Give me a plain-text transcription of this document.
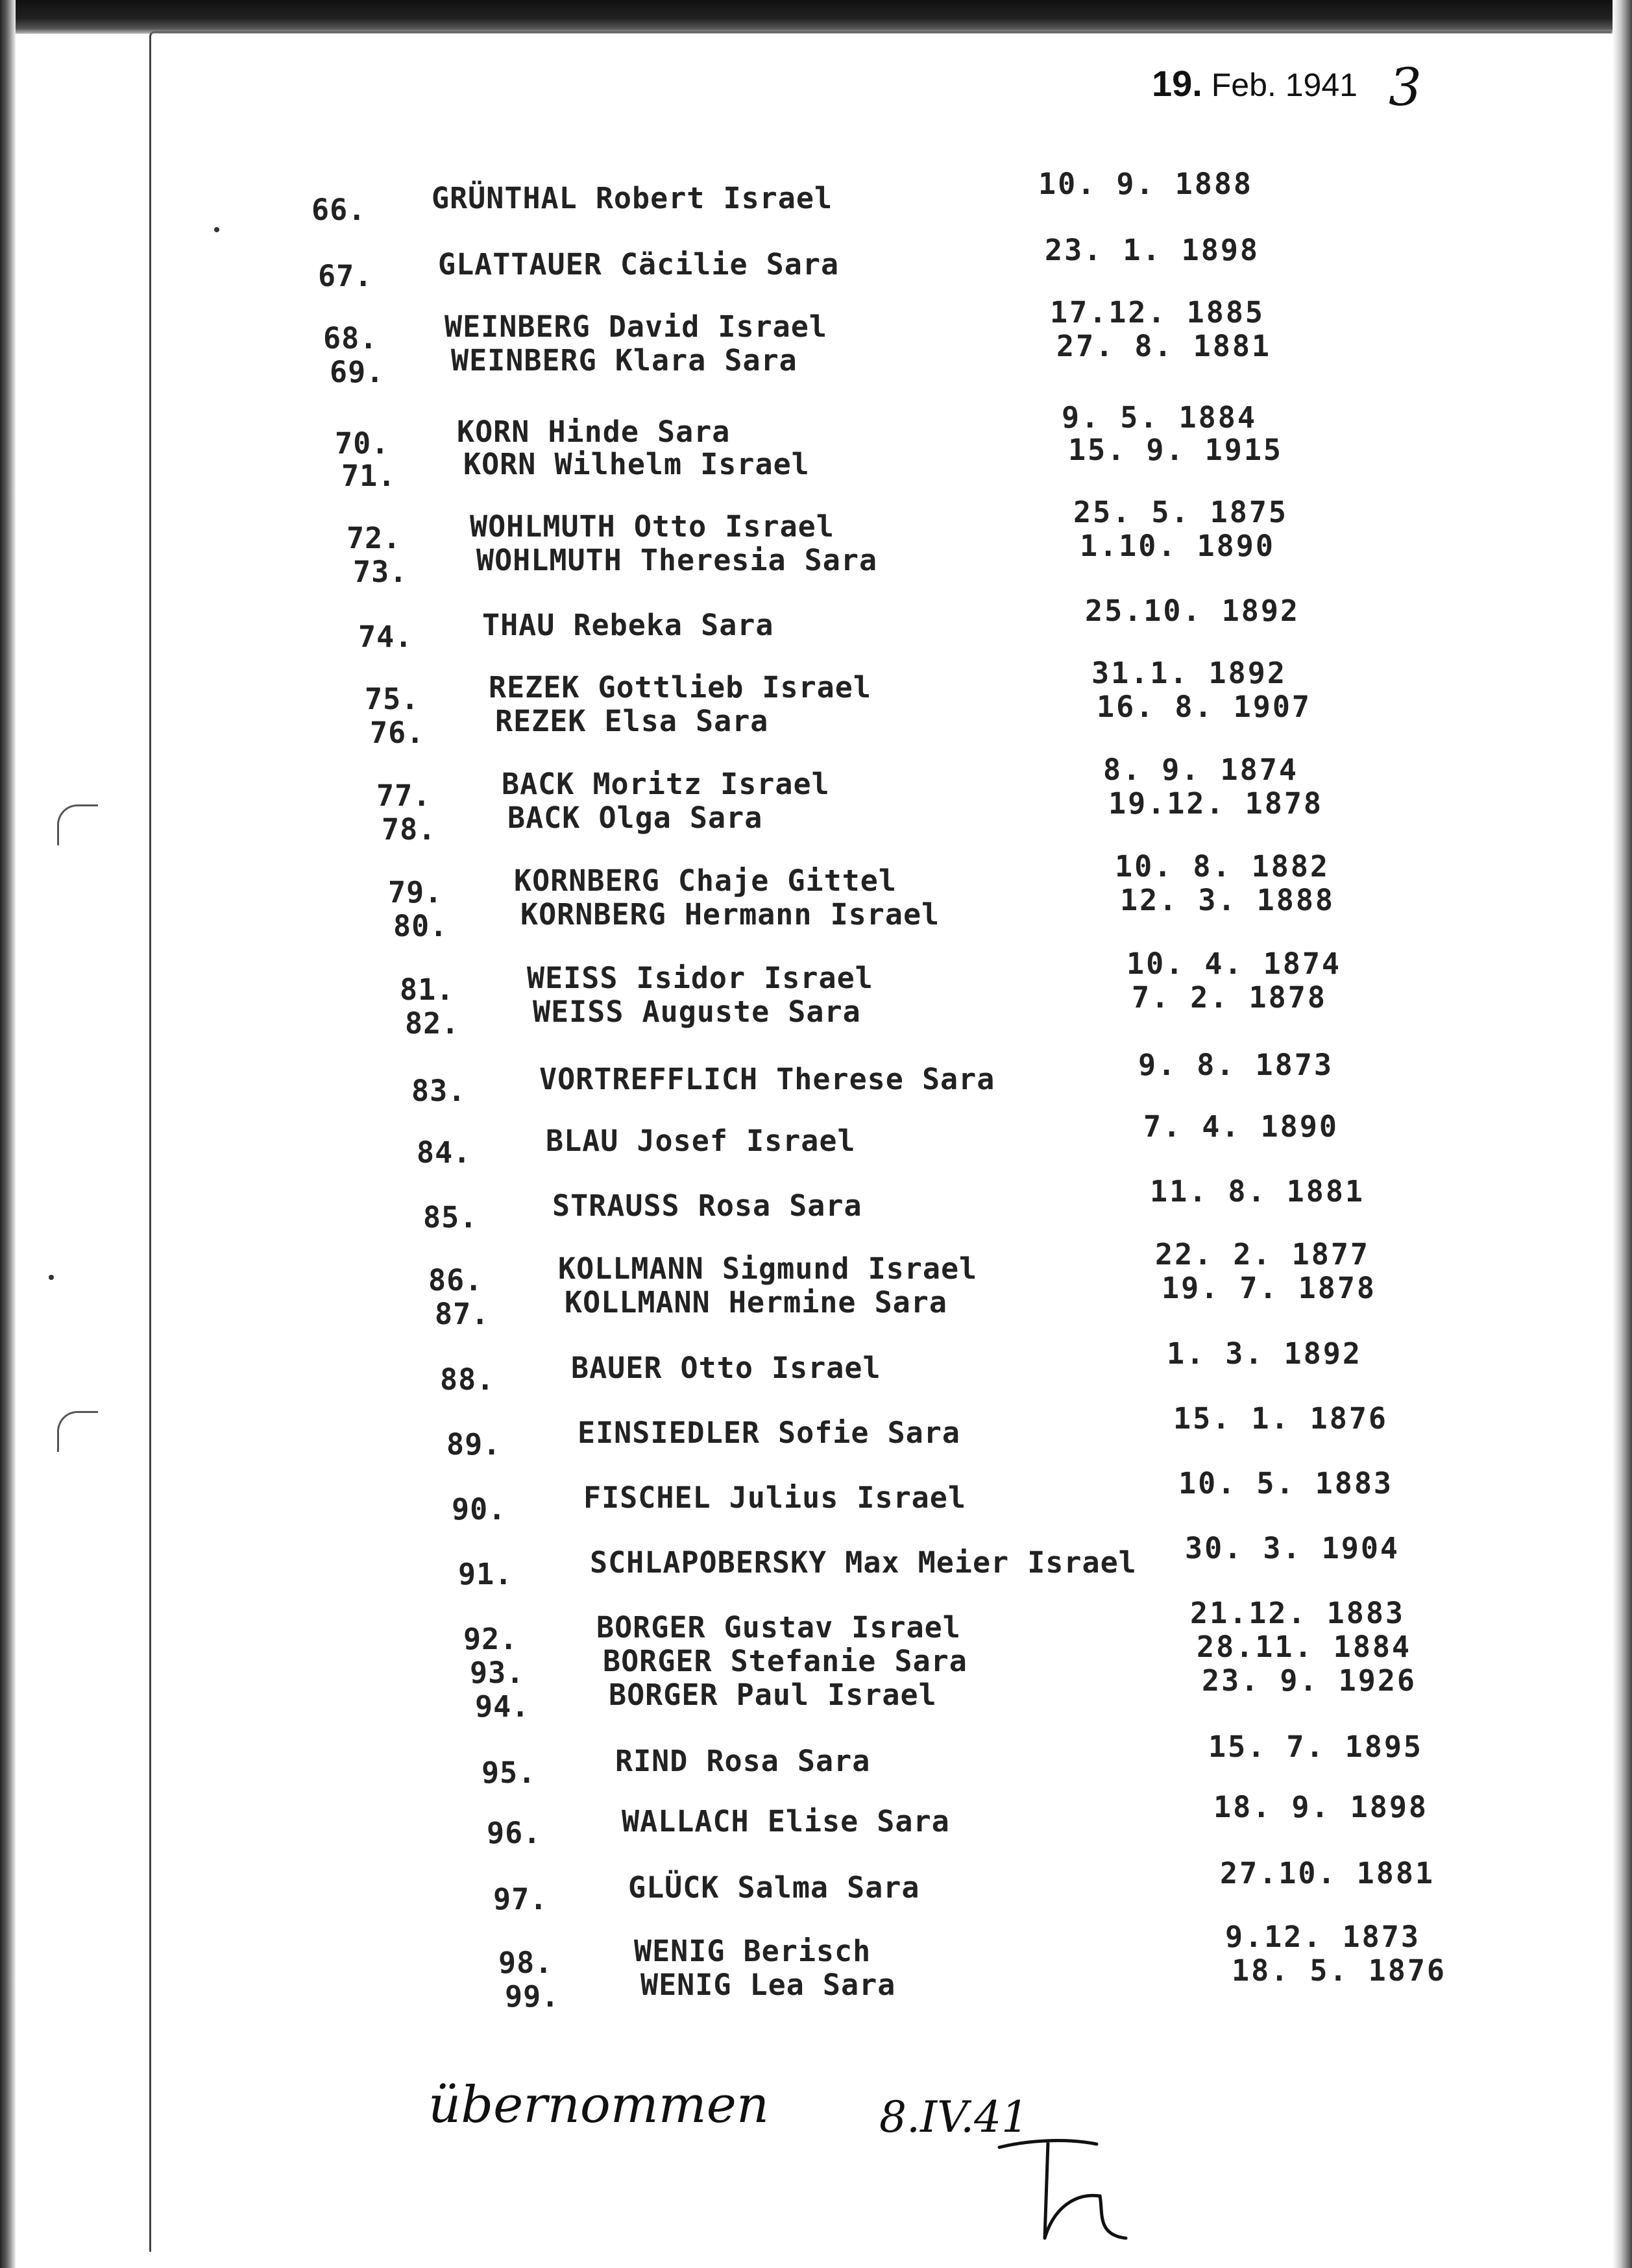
19. Feb. 1941 3
66.	GRÜNTHAL Robert Israel	10. 9. 1888
67.	GLATTAUER Cäcilie Sara	23. 1. 1898
68.	WEINBERG David Israel	17.12. 1885
69.	WEINBERG Klara Sara	27. 8. 1881
70.	KORN Hinde Sara	9. 5. 1884
71.	KORN Wilhelm Israel	15. 9. 1915
72.	WOHLMUTH Otto Israel	25. 5. 1875
73.	WOHLMUTH Theresia Sara	1.10. 1890
74.	THAU Rebeka Sara	25.10. 1892
75.	REZEK Gottlieb Israel	31.1. 1892
76.	REZEK Elsa Sara	16. 8. 1907
77.	BACK Moritz Israel	8. 9. 1874
78.	BACK Olga Sara	19.12. 1878
79.	KORNBERG Chaje Gittel	10. 8. 1882
80.	KORNBERG Hermann Israel	12. 3. 1888
81.	WEISS Isidor Israel	10. 4. 1874
82.	WEISS Auguste Sara	7. 2. 1878
83.	VORTREFFLICH Therese Sara	9. 8. 1873
84.	BLAU Josef Israel	7. 4. 1890
85.	STRAUSS Rosa Sara	11. 8. 1881
86.	KOLLMANN Sigmund Israel	22. 2. 1877
87.	KOLLMANN Hermine Sara	19. 7. 1878
88.	BAUER Otto Israel	1. 3. 1892
89.	EINSIEDLER Sofie Sara	15. 1. 1876
90.	FISCHEL Julius Israel	10. 5. 1883
91.	SCHLAPOBERSKY Max Meier Israel 30. 3. 1904
92.	BORGER Gustav Israel	21.12. 1883
93.	BORGER Stefanie Sara	28.11. 1884
94.	BORGER Paul Israel	23. 9. 1926
95.	RIND Rosa Sara	15. 7. 1895
96.	WALLACH Elise Sara	18. 9. 1898
97.	GLÜCK Salma Sara	27.10. 1881
98.	WENIG Berisch	9.12. 1873
99.	WENIG Lea Sara	18. 5. 1876
übernommen	8.IV.41
